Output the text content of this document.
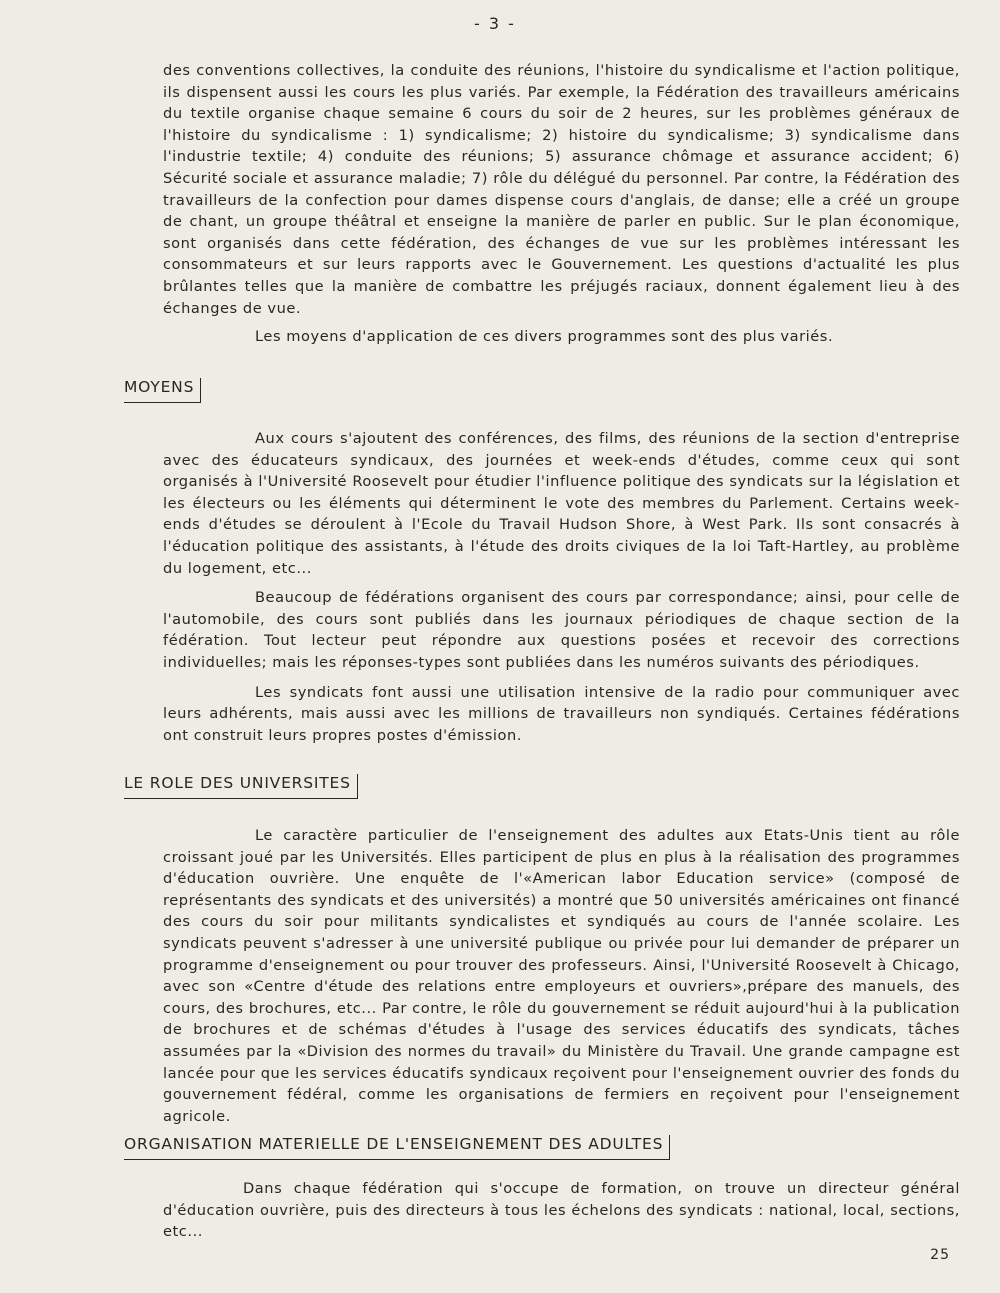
- 3 -

des conventions collectives, la conduite des réunions, l'histoire du syndicalisme et l'action politique, ils dispensent aussi les cours les plus variés. Par exemple, la Fédération des travailleurs américains du textile organise chaque semaine 6 cours du soir de 2 heures, sur les problèmes généraux de l'histoire du syndicalisme : 1) syndicalisme; 2) histoire du syndicalisme; 3) syndicalisme dans l'industrie textile; 4) conduite des réunions; 5) assurance chômage et assurance accident; 6) Sécurité sociale et assurance maladie; 7) rôle du délégué du personnel. Par contre, la Fédération des travailleurs de la confection pour dames dispense cours d'anglais, de danse; elle a créé un groupe de chant, un groupe théâtral et enseigne la manière de parler en public. Sur le plan économique, sont organisés dans cette fédération, des échanges de vue sur les problèmes intéressant les consommateurs et sur leurs rapports avec le Gouvernement. Les questions d'actualité les plus brûlantes telles que la manière de combattre les préjugés raciaux, donnent également lieu à des échanges de vue.

Les moyens d'application de ces divers programmes sont des plus variés.

MOYENS

Aux cours s'ajoutent des conférences, des films, des réunions de la section d'entreprise avec des éducateurs syndicaux, des journées et week-ends d'études, comme ceux qui sont organisés à l'Université Roosevelt pour étudier l'influence politique des syndicats sur la législation et les électeurs ou les éléments qui déterminent le vote des membres du Parlement. Certains week-ends d'études se déroulent à l'Ecole du Travail Hudson Shore, à West Park. Ils sont consacrés à l'éducation politique des assistants, à l'étude des droits civiques de la loi Taft-Hartley, au problème du logement, etc...

Beaucoup de fédérations organisent des cours par correspondance; ainsi, pour celle de l'automobile, des cours sont publiés dans les journaux périodiques de chaque section de la fédération. Tout lecteur peut répondre aux questions posées et recevoir des corrections individuelles; mais les réponses-types sont publiées dans les numéros suivants des périodiques.

Les syndicats font aussi une utilisation intensive de la radio pour communiquer avec leurs adhérents, mais aussi avec les millions de travailleurs non syndiqués. Certaines fédérations ont construit leurs propres postes d'émission.

LE ROLE DES UNIVERSITES

Le caractère particulier de l'enseignement des adultes aux Etats-Unis tient au rôle croissant joué par les Universités. Elles participent de plus en plus à la réalisation des programmes d'éducation ouvrière. Une enquête de l'«American labor Education service» (composé de représentants des syndicats et des universités) a montré que 50 universités américaines ont financé des cours du soir pour militants syndicalistes et syndiqués au cours de l'année scolaire. Les syndicats peuvent s'adresser à une université publique ou privée pour lui demander de préparer un programme d'enseignement ou pour trouver des professeurs. Ainsi, l'Université Roosevelt à Chicago, avec son «Centre d'étude des relations entre employeurs et ouvriers»,prépare des manuels, des cours, des brochures, etc... Par contre, le rôle du gouvernement se réduit aujourd'hui à la publication de brochures et de schémas d'études à l'usage des services éducatifs des syndicats, tâches assumées par la «Division des normes du travail» du Ministère du Travail. Une grande campagne est lancée pour que les services éducatifs syndicaux reçoivent pour l'enseignement ouvrier des fonds du gouvernement fédéral, comme les organisations de fermiers en reçoivent pour l'enseignement agricole.

ORGANISATION MATERIELLE DE L'ENSEIGNEMENT DES ADULTES

Dans chaque fédération qui s'occupe de formation, on trouve un directeur général d'éducation ouvrière, puis des directeurs à tous les échelons des syndicats : national, local, sections, etc...

25
